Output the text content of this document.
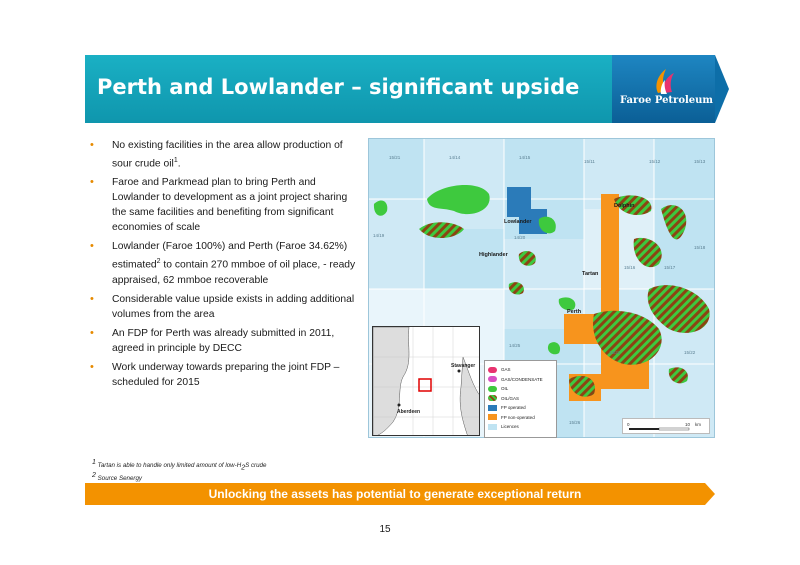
Perth and Lowlander – significant upside
Faroe Petroleum
• No existing facilities in the area allow production of sour crude oil$^1$.
• Faroe and Parkmead plan to bring Perth and Lowlander to development as a joint project sharing the same facilities and benefiting from significant economies of scale
• Lowlander (Faroe 100%) and Perth (Faroe 34.62%) estimated$^2$ to contain 270 mmboe of oil place, - ready appraised, 62 mmboe recoverable
• Considerable value upside exists in adding additional volumes from the area
• An FDP for Perth was already submitted in 2011, agreed in principle by DECC
• Work underway towards preparing the joint FDP – scheduled for 2015
15/21	14/14	14/15
15/11	15/12	15/13
14/19	14/20
15/16	15/17
15/18
14/25
15/21	15/22
15/26
Lowlander
Highlander
Tartan
Perth
Dolphin
Stavanger
Aberdeen
GAS
GAS/CONDENSATE
OIL
OIL/GAS
FP operated
FP non-operated
Licences	0	10 km
$^1$ Tartan is able to handle only limited amount of low-$H_2S$ crude
$^2$ Source Senergy
Unlocking the assets has potential to generate exceptional return
15
